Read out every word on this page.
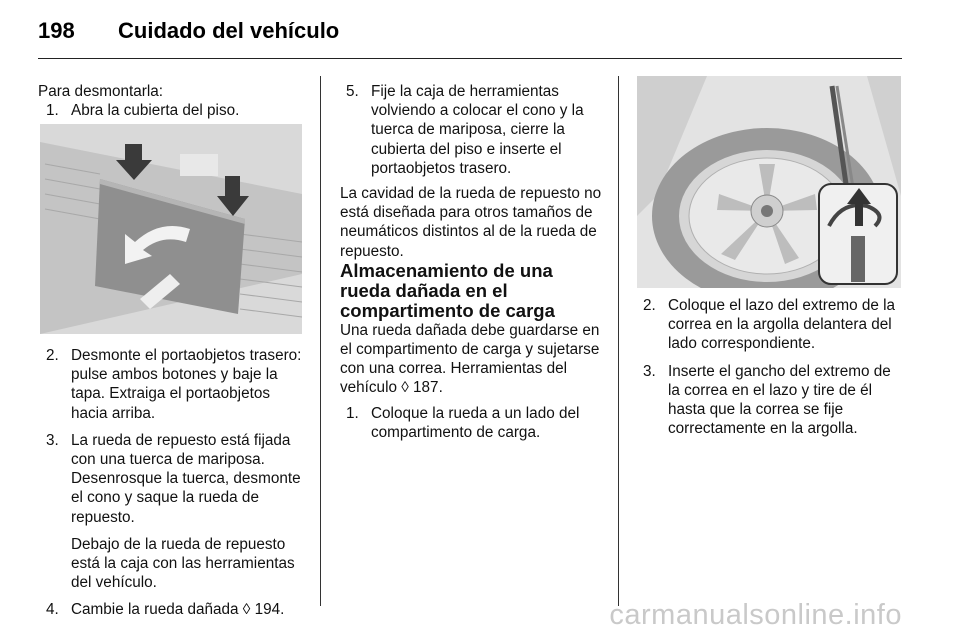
198 Cuidado del vehículo

Para desmontarla:

1. Abra la cubierta del piso.
2. Desmonte el portaobjetos trasero: pulse ambos botones y baje la tapa. Extraiga el portaobjetos hacia arriba.
3. La rueda de repuesto está fijada con una tuerca de mariposa. Desenrosque la tuerca, desmonte el cono y saque la rueda de repuesto.

Debajo de la rueda de repuesto está la caja con las herramientas del vehículo.

4. Cambie la rueda dañada ◊ 194.
5. Fije la caja de herramientas volviendo a colocar el cono y la tuerca de mariposa, cierre la cubierta del piso e inserte el portaobjetos trasero.

La cavidad de la rueda de repuesto no está diseñada para otros tamaños de neumáticos distintos al de la rueda de repuesto.

Almacenamiento de una rueda dañada en el compartimento de carga

Una rueda dañada debe guardarse en el compartimento de carga y sujetarse con una correa. Herramientas del vehículo ◊ 187.

1. Coloque la rueda a un lado del compartimento de carga.
2. Coloque el lazo del extremo de la correa en la argolla delantera del lado correspondiente.
3. Inserte el gancho del extremo de la correa en el lazo y tire de él hasta que la correa se fije correctamente en la argolla.
carmanualsonline.info
